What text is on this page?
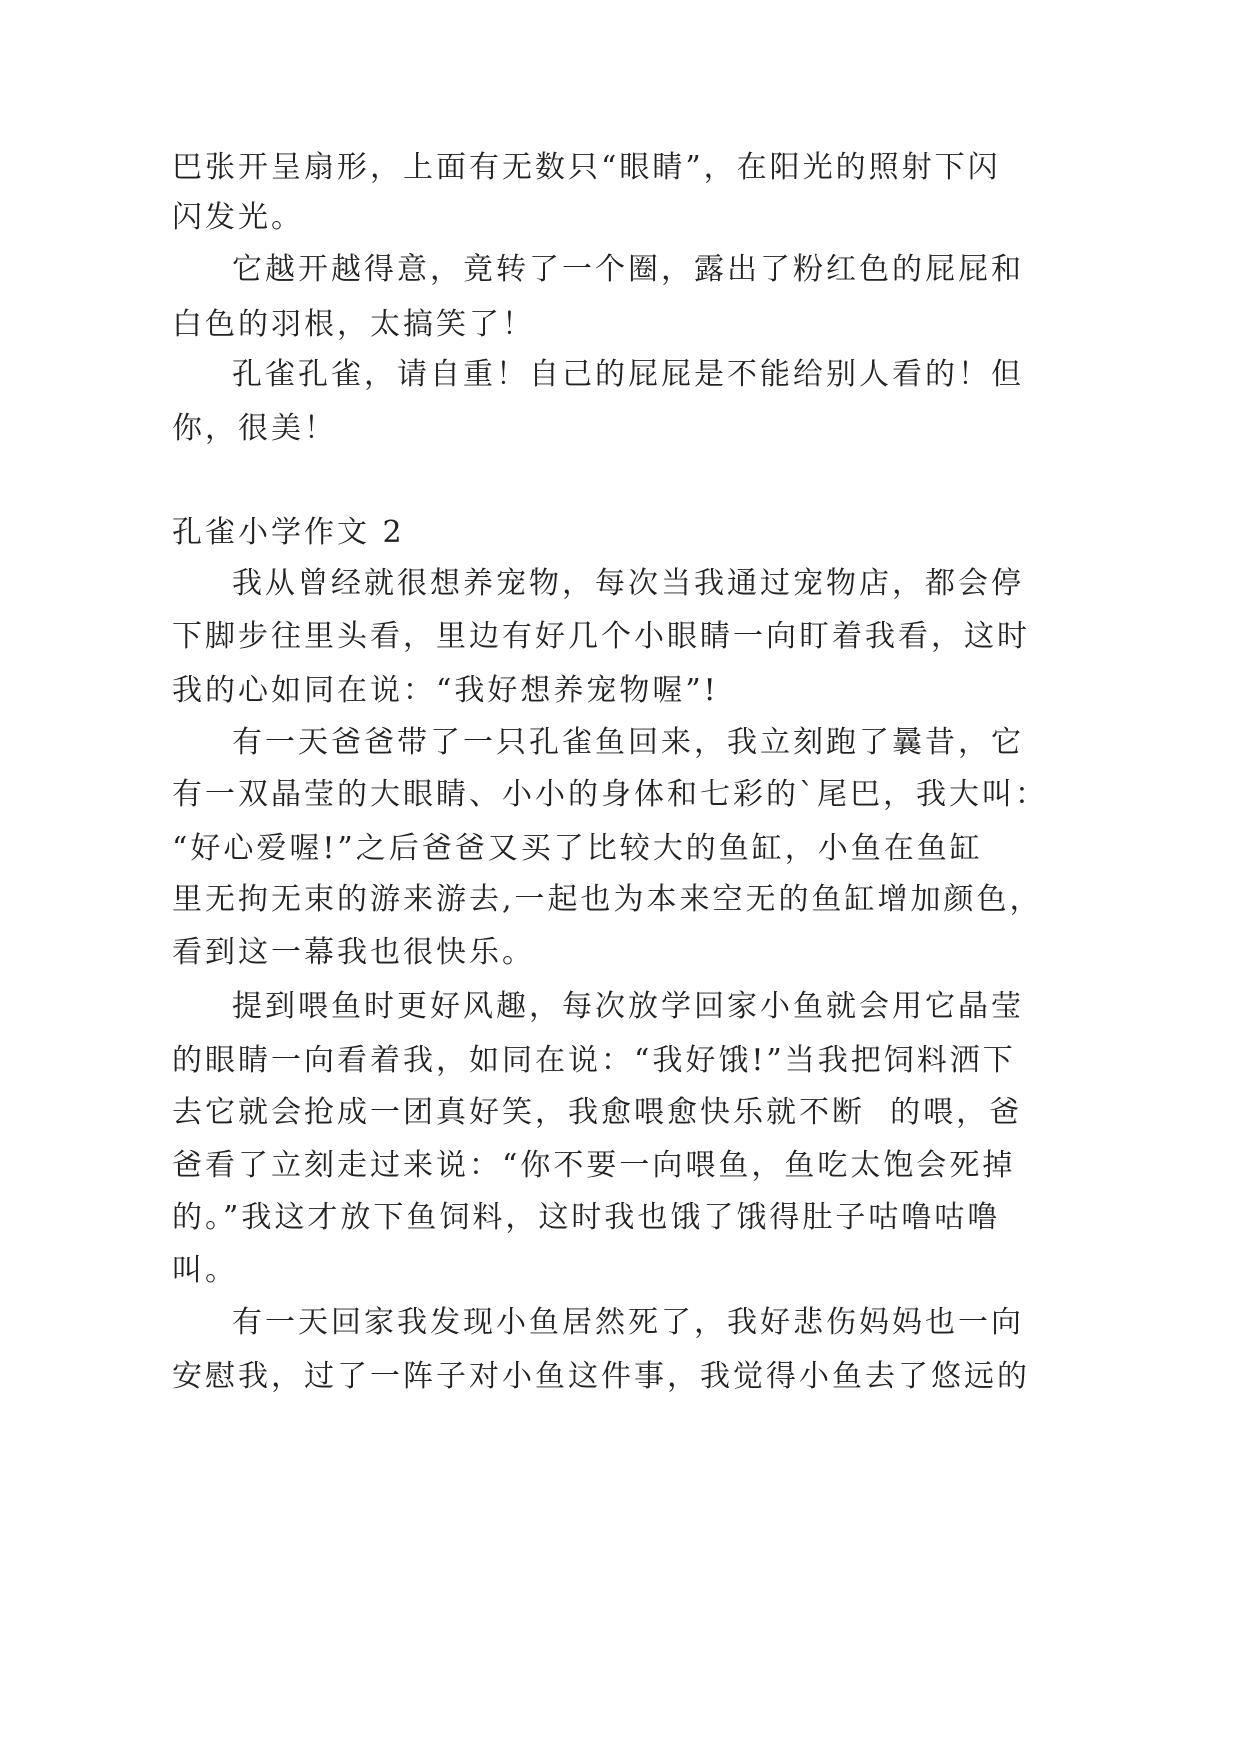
巴张开呈扇形，上面有无数只“眼睛”，在阳光的照射下闪

闪发光。

它越开越得意，竟转了一个圈，露出了粉红色的屁屁和

白色的羽根，太搞笑了！

孔雀孔雀，请自重！自己的屁屁是不能给别人看的！但

你，很美！

孔雀小学作文 2

我从曾经就很想养宠物，每次当我通过宠物店，都会停

下脚步往里头看，里边有好几个小眼睛一向盯着我看，这时

我的心如同在说：“我好想养宠物喔”!

有一天爸爸带了一只孔雀鱼回来，我立刻跑了曩昔，它

有一双晶莹的大眼睛、小小的身体和七彩的`尾巴，我大叫：

“好心爱喔!”之后爸爸又买了比较大的鱼缸，小鱼在鱼缸

里无拘无束的游来游去,一起也为本来空无的鱼缸增加颜色，

看到这一幕我也很快乐。

提到喂鱼时更好风趣，每次放学回家小鱼就会用它晶莹

的眼睛一向看着我，如同在说：“我好饿!”当我把饲料洒下

去它就会抢成一团真好笑，我愈喂愈快乐就不断  的喂，爸

爸看了立刻走过来说：“你不要一向喂鱼，鱼吃太饱会死掉

的。”我这才放下鱼饲料，这时我也饿了饿得肚子咕噜咕噜

叫。

有一天回家我发现小鱼居然死了，我好悲伤妈妈也一向

安慰我，过了一阵子对小鱼这件事，我觉得小鱼去了悠远的
